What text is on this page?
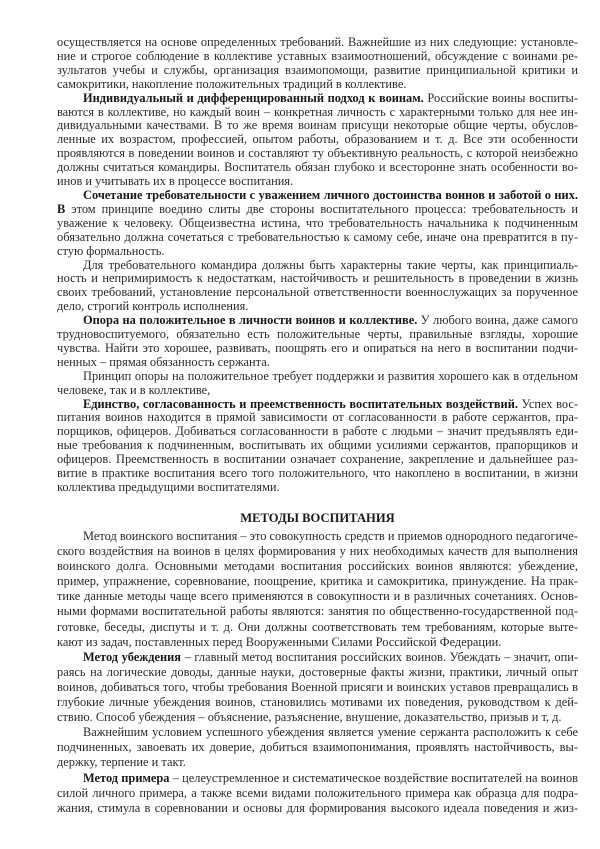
осуществляется на основе определенных требований. Важнейшие из них следующие: установле-
ние и строгое соблюдение в коллективе уставных взаимоотношений, обсуждение с воинами ре-
зультатов учебы и службы, организация взаимопомощи, развитие принципиальной критики и
самокритики, накопление положительных традиций в коллективе.
Индивидуальный и дифференцированный подход к воинам. Российские воины воспиты-
ваются в коллективе, но каждый воин – конкретная личность с характерными только для нее ин-
дивидуальными качествами. В то же время воинам присущи некоторые общие черты, обуслов-
ленные их возрастом, профессией, опытом работы, образованием и т. д. Все эти особенности
проявляются в поведении воинов и составляют ту объективную реальность, с которой неизбежно
должны считаться командиры. Воспитатель обязан глубоко и всесторонне знать особенности во-
инов и учитывать их в процессе воспитания.
Сочетание требовательности с уважением личного достоинства воинов и заботой о них.
В этом принципе воедино слиты две стороны воспитательного процесса: требовательность и
уважение к человеку. Общеизвестна истина, что требовательность начальника к подчиненным
обязательно должна сочетаться с требовательностью к самому себе, иначе она превратится в пу-
стую формальность.
Для требовательного командира должны быть характерны такие черты, как принципиаль-
ность и непримиримость к недостаткам, настойчивость и решительность в проведении в жизнь
своих требований, установление персональной ответственности военнослужащих за порученное
дело, строгий контроль исполнения.
Опора на положительное в личности воинов и коллективе. У любого воина, даже самого
трудновоспитуемого, обязательно есть положительные черты, правильные взгляды, хорошие
чувства. Найти это хорошее, развивать, поощрять его и опираться на него в воспитании подчи-
ненных – прямая обязанность сержанта.
Принцип опоры на положительное требует поддержки и развития хорошего как в отдельном
человеке, так и в коллективе,
Единство, согласованность и преемственность воспитательных воздействий. Успех вос-
питания воинов находится в прямой зависимости от согласованности в работе сержантов, пра-
порщиков, офицеров. Добиваться согласованности в работе с людьми – значит предъявлять еди-
ные требования к подчиненным, воспитывать их общими усилиями сержантов, прапорщиков и
офицеров. Преемственность в воспитании означает сохранение, закрепление и дальнейшее раз-
витие в практике воспитания всего того положительного, что накоплено в воспитании, в жизни
коллектива предыдущими воспитателями.
МЕТОДЫ ВОСПИТАНИЯ
Метод воинского воспитания – это совокупность средств и приемов однородного педагогиче-
ского воздействия на воинов в целях формирования у них необходимых качеств для выполнения
воинского долга. Основными методами воспитания российских воинов являются: убеждение,
пример, упражнение, соревнование, поощрение, критика и самокритика, принуждение. На прак-
тике данные методы чаще всего применяются в совокупности и в различных сочетаниях. Основ-
ными формами воспитательной работы являются: занятия по общественно-государственной под-
готовке, беседы, диспуты и т. д. Они должны соответствовать тем требованиям, которые выте-
кают из задач, поставленных перед Вооруженными Силами Российской Федерации.
Метод убеждения – главный метод воспитания российских воинов. Убеждать – значит, опи-
раясь на логические доводы, данные науки, достоверные факты жизни, практики, личный опыт
воинов, добиваться того, чтобы требования Военной присяги и воинских уставов превращались в
глубокие личные убеждения воинов, становились мотивами их поведения, руководством к дей-
ствию. Способ убеждения – объяснение, разъяснение, внушение, доказательство, призыв и т, д.
Важнейшим условием успешного убеждения является умение сержанта расположить к себе
подчиненных, завоевать их доверие, добиться взаимопонимания, проявлять настойчивость, вы-
держку, терпение и такт.
Метод примера – целеустремленное и систематическое воздействие воспитателей на воинов
силой личного примера, а также всеми видами положительного примера как образца для подра-
жания, стимула в соревновании и основы для формирования высокого идеала поведения и жиз-
